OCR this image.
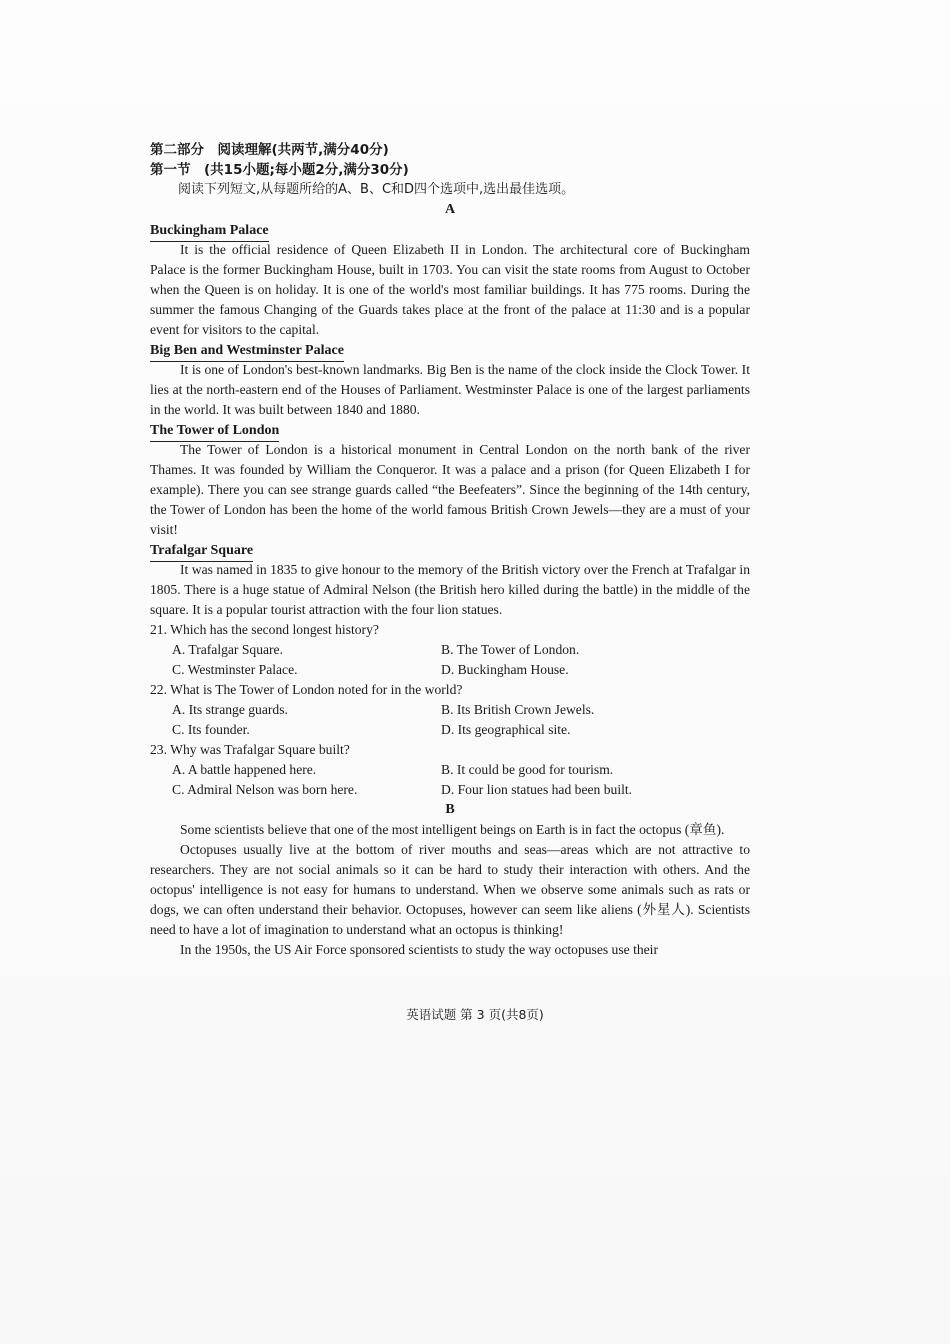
第二部分　阅读理解(共两节,满分40分)
第一节　(共15小题;每小题2分,满分30分)
阅读下列短文,从每题所给的A、B、C和D四个选项中,选出最佳选项。
A
Buckingham Palace

It is the official residence of Queen Elizabeth II in London. The architectural core of Buckingham Palace is the former Buckingham House, built in 1703. You can visit the state rooms from August to October when the Queen is on holiday. It is one of the world's most familiar buildings. It has 775 rooms. During the summer the famous Changing of the Guards takes place at the front of the palace at 11:30 and is a popular event for visitors to the capital.

Big Ben and Westminster Palace

It is one of London's best-known landmarks. Big Ben is the name of the clock inside the Clock Tower. It lies at the north-eastern end of the Houses of Parliament. Westminster Palace is one of the largest parliaments in the world. It was built between 1840 and 1880.

The Tower of London

The Tower of London is a historical monument in Central London on the north bank of the river Thames. It was founded by William the Conqueror. It was a palace and a prison (for Queen Elizabeth I for example). There you can see strange guards called “the Beefeaters”. Since the beginning of the 14th century, the Tower of London has been the home of the world famous British Crown Jewels—they are a must of your visit!

Trafalgar Square

It was named in 1835 to give honour to the memory of the British victory over the French at Trafalgar in 1805. There is a huge statue of Admiral Nelson (the British hero killed during the battle) in the middle of the square. It is a popular tourist attraction with the four lion statues.

21. Which has the second longest history?

A. Trafalgar Square.	B. The Tower of London.
C. Westminster Palace.	D. Buckingham House.

22. What is The Tower of London noted for in the world?

A. Its strange guards.	B. Its British Crown Jewels.
C. Its founder.	D. Its geographical site.

23. Why was Trafalgar Square built?

A. A battle happened here.	B. It could be good for tourism.
C. Admiral Nelson was born here.	D. Four lion statues had been built.
B

Some scientists believe that one of the most intelligent beings on Earth is in fact the octopus (章鱼).

Octopuses usually live at the bottom of river mouths and seas—areas which are not attractive to researchers. They are not social animals so it can be hard to study their interaction with others. And the octopus' intelligence is not easy for humans to understand. When we observe some animals such as rats or dogs, we can often understand their behavior. Octopuses, however can seem like aliens (外星人). Scientists need to have a lot of imagination to understand what an octopus is thinking!

In the 1950s, the US Air Force sponsored scientists to study the way octopuses use their

英语试题 第 3 页(共8页)
